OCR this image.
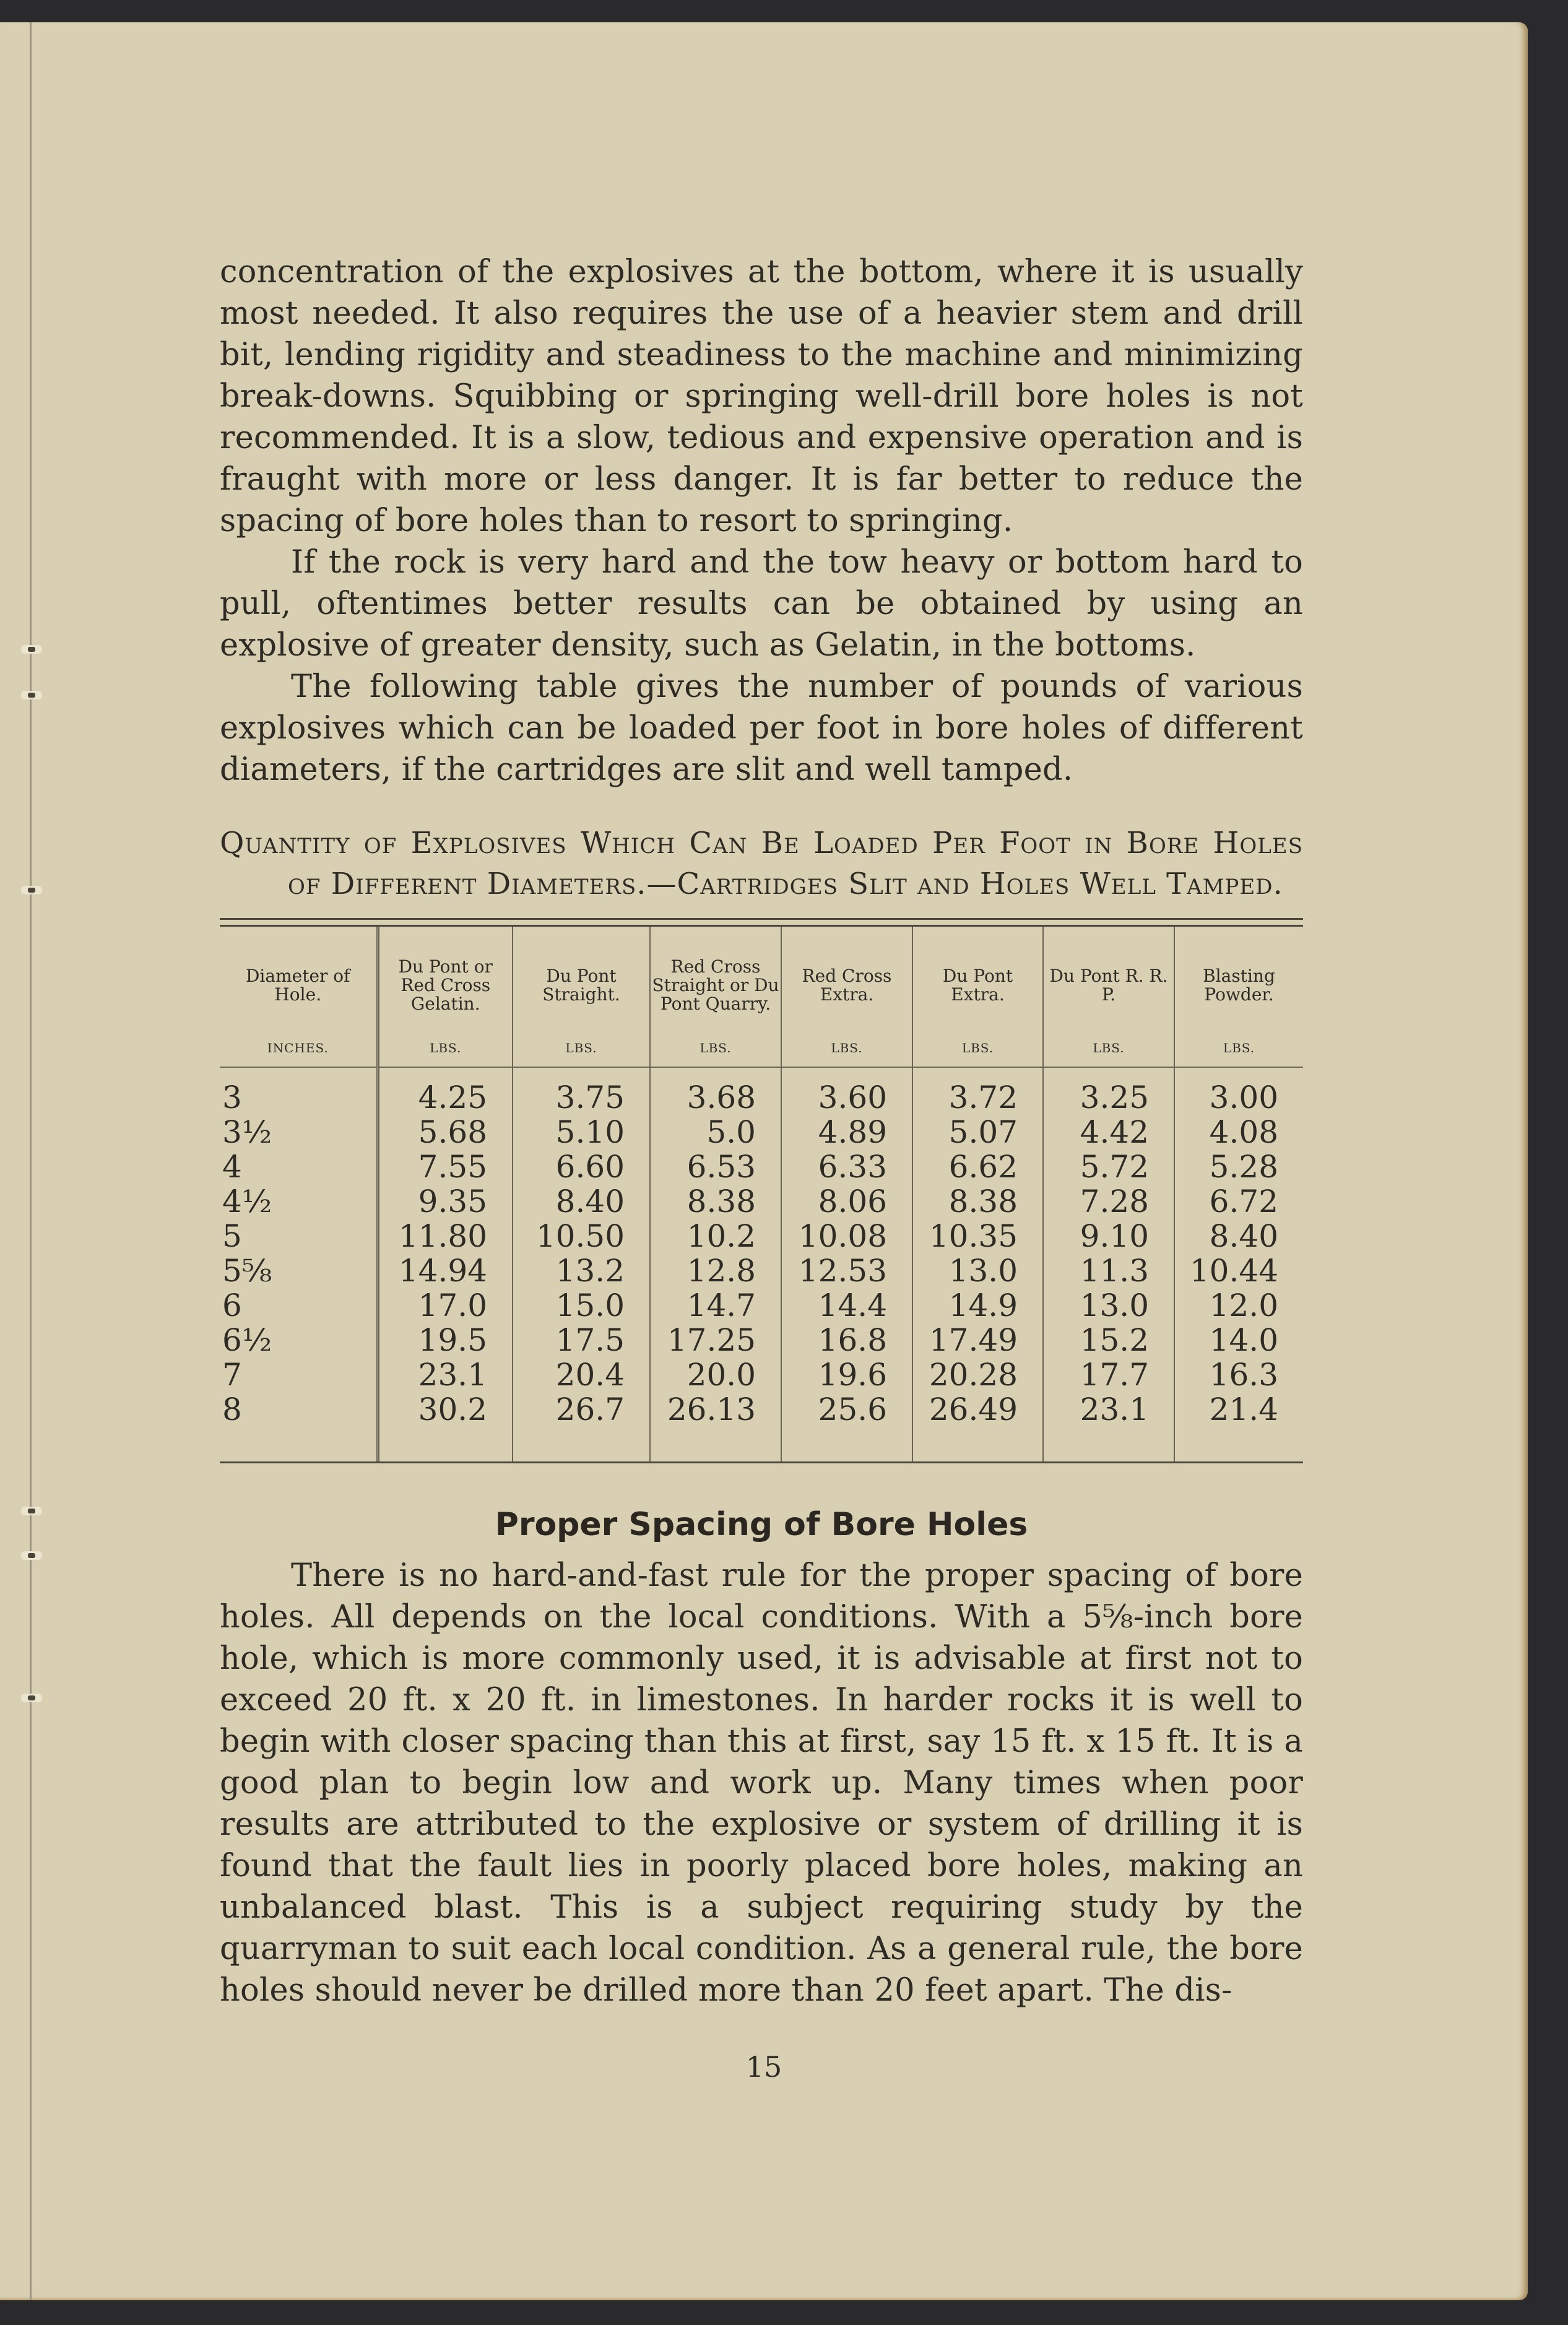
concentration of the explosives at the bottom, where it is usually most needed. It also requires the use of a heavier stem and drill bit, lending rigidity and steadiness to the machine and minimizing break-downs. Squibbing or springing well-drill bore holes is not recommended. It is a slow, tedious and expensive operation and is fraught with more or less danger. It is far better to reduce the spacing of bore holes than to resort to springing.

If the rock is very hard and the tow heavy or bottom hard to pull, oftentimes better results can be obtained by using an explosive of greater density, such as Gelatin, in the bottoms.

The following table gives the number of pounds of various explosives which can be loaded per foot in bore holes of different diameters, if the cartridges are slit and well tamped.

Quantity of Explosives Which Can Be Loaded Per Foot in Bore Holes of Different Diameters.—Cartridges Slit and Holes Well Tamped.
Diameter of Hole.	Du Pont or Red Cross Gelatin.	Du Pont Straight.	Red Cross Straight or Du Pont Quarry.	Red Cross Extra.	Du Pont Extra.	Du Pont R. R. P.	Blasting Powder.
INCHES.	LBS.	LBS.	LBS.	LBS.	LBS.	LBS.	LBS.
3	4.25	3.75	3.68	3.60	3.72	3.25	3.00
3½	5.68	5.10	5.0	4.89	5.07	4.42	4.08
4	7.55	6.60	6.53	6.33	6.62	5.72	5.28
4½	9.35	8.40	8.38	8.06	8.38	7.28	6.72
5	11.80	10.50	10.2	10.08	10.35	9.10	8.40
5⅝	14.94	13.2	12.8	12.53	13.0	11.3	10.44
6	17.0	15.0	14.7	14.4	14.9	13.0	12.0
6½	19.5	17.5	17.25	16.8	17.49	15.2	14.0
7	23.1	20.4	20.0	19.6	20.28	17.7	16.3
8	30.2	26.7	26.13	25.6	26.49	23.1	21.4
Proper Spacing of Bore Holes

There is no hard-and-fast rule for the proper spacing of bore holes. All depends on the local conditions. With a 5⅝-inch bore hole, which is more commonly used, it is advisable at first not to exceed 20 ft. x 20 ft. in limestones. In harder rocks it is well to begin with closer spacing than this at first, say 15 ft. x 15 ft. It is a good plan to begin low and work up. Many times when poor results are attributed to the explosive or system of drilling it is found that the fault lies in poorly placed bore holes, making an unbalanced blast. This is a subject requiring study by the quarryman to suit each local condition. As a general rule, the bore holes should never be drilled more than 20 feet apart. The dis-

15
